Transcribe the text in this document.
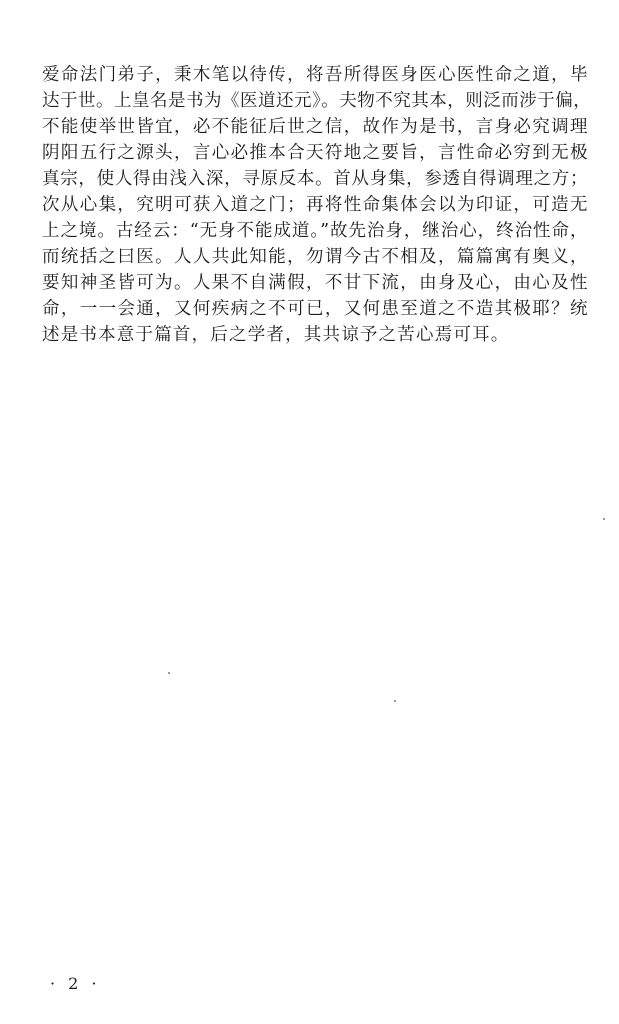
爱命法门弟子，秉木笔以待传，将吾所得医身医心医性命之道，毕
达于世。上皇名是书为《医道还元》。夫物不究其本，则泛而涉于偏，
不能使举世皆宜，必不能征后世之信，故作为是书，言身必究调理
阴阳五行之源头，言心必推本合天符地之要旨，言性命必穷到无极
真宗，使人得由浅入深，寻原反本。首从身集，参透自得调理之方；
次从心集，究明可获入道之门；再将性命集体会以为印证，可造无
上之境。古经云：“无身不能成道。”故先治身，继治心，终治性命，
而统括之曰医。人人共此知能，勿谓今古不相及，篇篇寓有奥义，
要知神圣皆可为。人果不自满假，不甘下流，由身及心，由心及性
命，一一会通，又何疾病之不可已，又何患至道之不造其极耶？统
述是书本意于篇首，后之学者，其共谅予之苦心焉可耳。
· 2 ·
